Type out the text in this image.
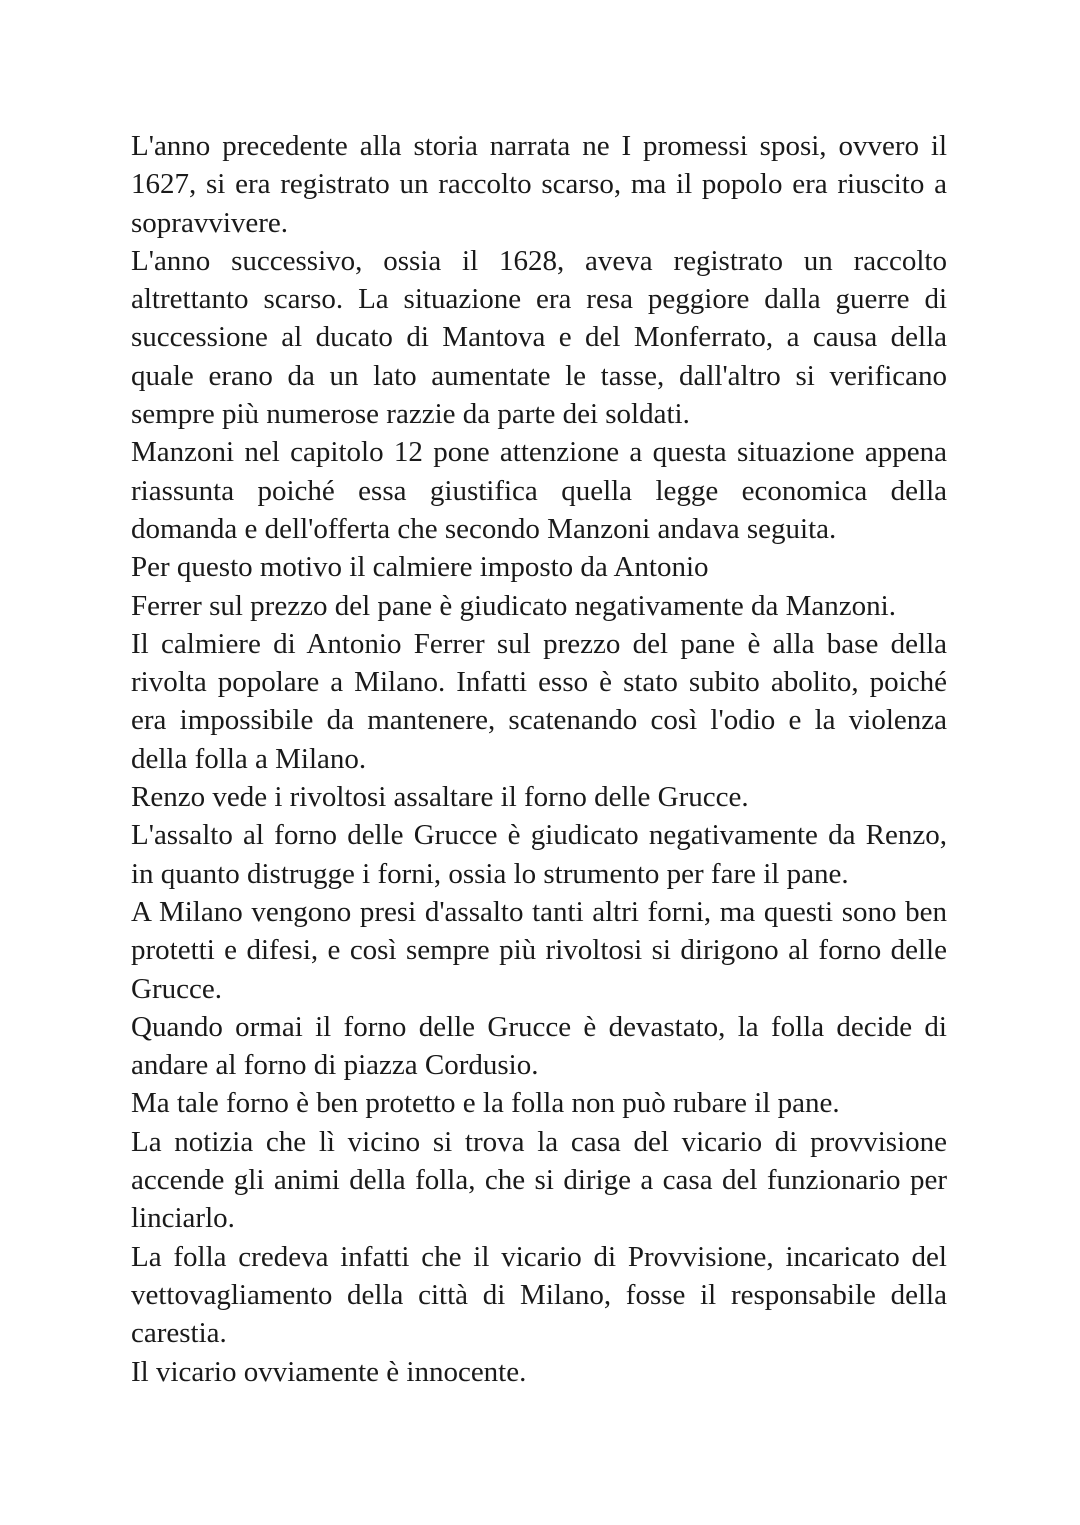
L'anno precedente alla storia narrata ne I promessi sposi, ovvero il 1627, si era registrato un raccolto scarso, ma il popolo era riuscito a sopravvivere.

L'anno successivo, ossia il 1628, aveva registrato un raccolto altrettanto scarso. La situazione era resa peggiore dalla guerre di successione al ducato di Mantova e del Monferrato, a causa della quale erano da un lato aumentate le tasse, dall'altro si verificano sempre più numerose razzie da parte dei soldati.

Manzoni nel capitolo 12 pone attenzione a questa situazione appena riassunta poiché essa giustifica quella legge economica della domanda e dell'offerta che secondo Manzoni andava seguita.

Per questo motivo il calmiere imposto da Antonio

Ferrer sul prezzo del pane è giudicato negativamente da Manzoni.

Il calmiere di Antonio Ferrer sul prezzo del pane è alla base della rivolta popolare a Milano. Infatti esso è stato subito abolito, poiché era impossibile da mantenere, scatenando così l'odio e la violenza della folla a Milano.

Renzo vede i rivoltosi assaltare il forno delle Grucce.

L'assalto al forno delle Grucce è giudicato negativamente da Renzo, in quanto distrugge i forni, ossia lo strumento per fare il pane.

A Milano vengono presi d'assalto tanti altri forni, ma questi sono ben protetti e difesi, e così sempre più rivoltosi si dirigono al forno delle Grucce.

Quando ormai il forno delle Grucce è devastato, la folla decide di andare al forno di piazza Cordusio.

Ma tale forno è ben protetto e la folla non può rubare il pane.

La notizia che lì vicino si trova la casa del vicario di provvisione accende gli animi della folla, che si dirige a casa del funzionario per linciarlo.

La folla credeva infatti che il vicario di Provvisione, incaricato del vettovagliamento della città di Milano, fosse il responsabile della carestia.

Il vicario ovviamente è innocente.
